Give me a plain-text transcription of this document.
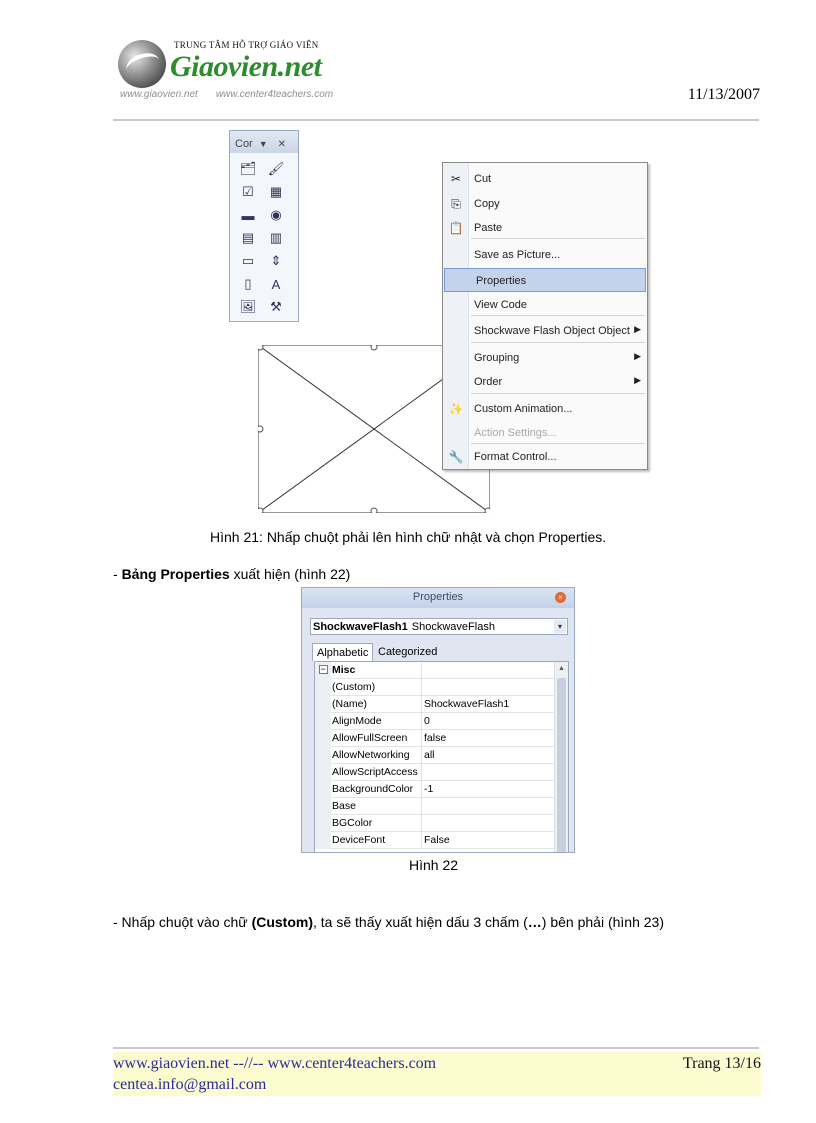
TRUNG TÂM HỖ TRỢ GIÁO VIÊN
Giaovien.net
www.giaovien.net www.center4teachers.com	11/13/2007
Cor ▼ ✕
🗂 🖌
☑	▦
▬	◉
▤ ▥
▭	⇕
▯	A
🖼	⚒
✂ Cut
⎘ Copy
📋 Paste
Save as Picture...
Properties
View Code
Shockwave Flash Object Object ▶
Grouping	▶
Order	▶
✨ Custom Animation...
Action Settings...
🔧 Format Control...
Hình 21: Nhấp chuột phải lên hình chữ nhật và chọn Properties.
- Bảng Properties xuất hiện (hình 22)
Properties	×
ShockwaveFlash1 ShockwaveFlash	▾
Alphabetic Categorized
− Misc
(Custom)
(Name)	ShockwaveFlash1
AlignMode	0
AllowFullScreen	false
AllowNetworking	all
AllowScriptAccess
BackgroundColor	-1
Base
BGColor
DeviceFont	False
▲
Hình 22
- Nhấp chuột vào chữ (Custom), ta sẽ thấy xuất hiện dấu 3 chấm (…) bên phải (hình 23)
www.giaovien.net --//-- www.center4teachers.com
centea.info@gmail.com
Trang 13/16
